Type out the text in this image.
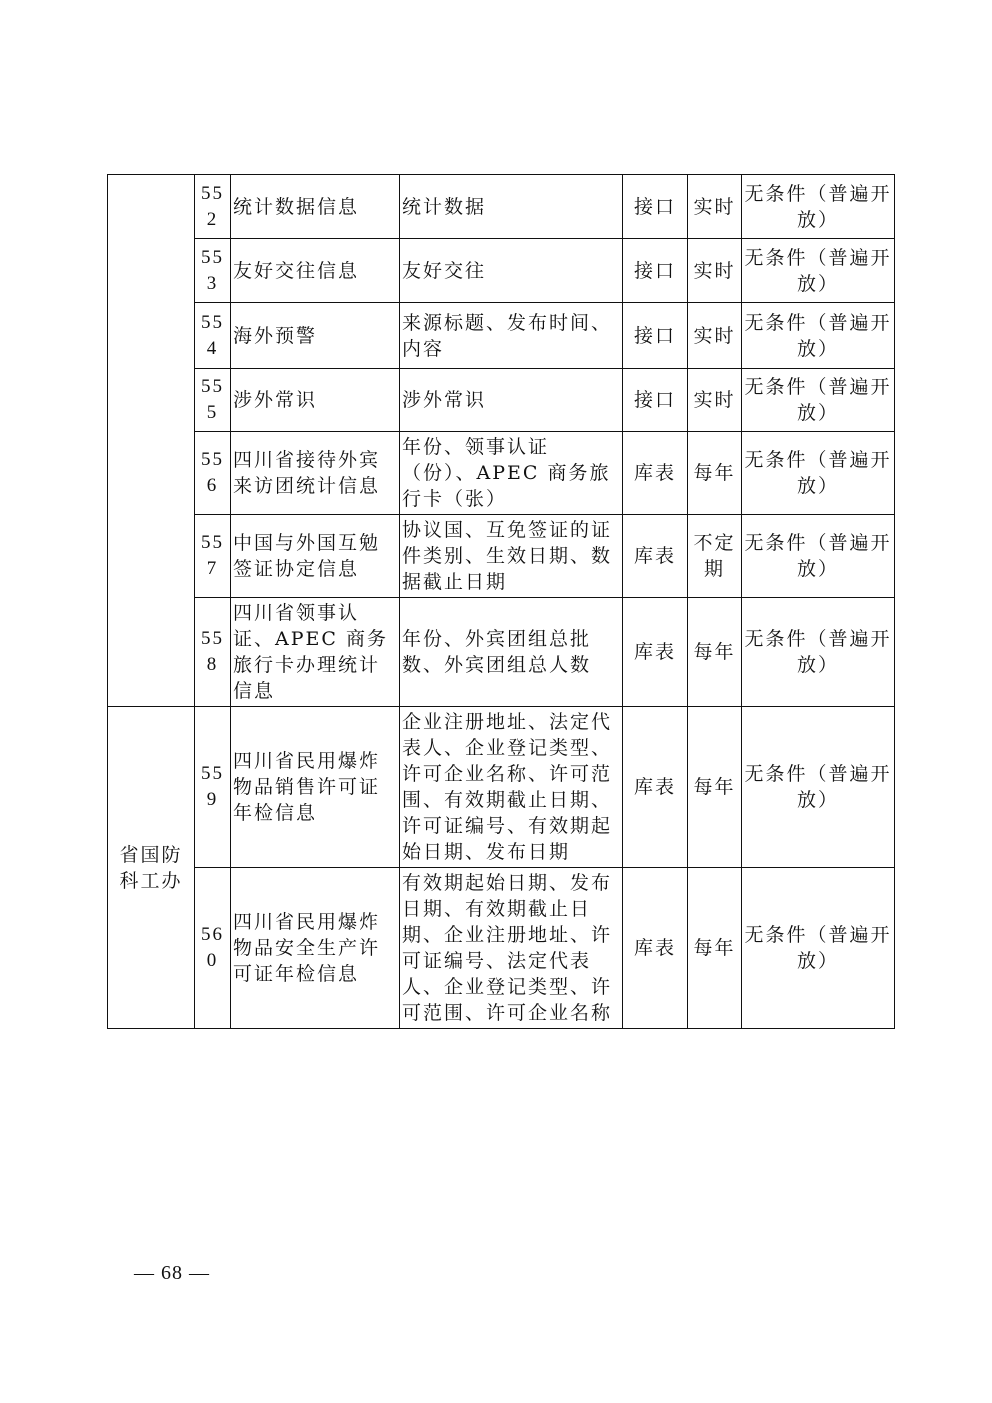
	552	统计数据信息	统计数据	接口	实时	无条件（普遍开放）
	553	友好交往信息	友好交往	接口	实时	无条件（普遍开放）
	554	海外预警	来源标题、发布时间、内容	接口	实时	无条件（普遍开放）
	555	涉外常识	涉外常识	接口	实时	无条件（普遍开放）
	556	四川省接待外宾来访团统计信息	年份、领事认证（份）、APEC 商务旅行卡（张）	库表	每年	无条件（普遍开放）
	557	中国与外国互勉签证协定信息	协议国、互免签证的证件类别、生效日期、数据截止日期	库表	不定期	无条件（普遍开放）
	558	四川省领事认证、APEC 商务旅行卡办理统计信息	年份、外宾团组总批数、外宾团组总人数	库表	每年	无条件（普遍开放）
省国防科工办	559	四川省民用爆炸物品销售许可证年检信息	企业注册地址、法定代表人、企业登记类型、许可企业名称、许可范围、有效期截止日期、许可证编号、有效期起始日期、发布日期	库表	每年	无条件（普遍开放）
	560	四川省民用爆炸物品安全生产许可证年检信息	有效期起始日期、发布日期、有效期截止日期、企业注册地址、许可证编号、法定代表人、企业登记类型、许可范围、许可企业名称	库表	每年	无条件（普遍开放）
— 68 —
